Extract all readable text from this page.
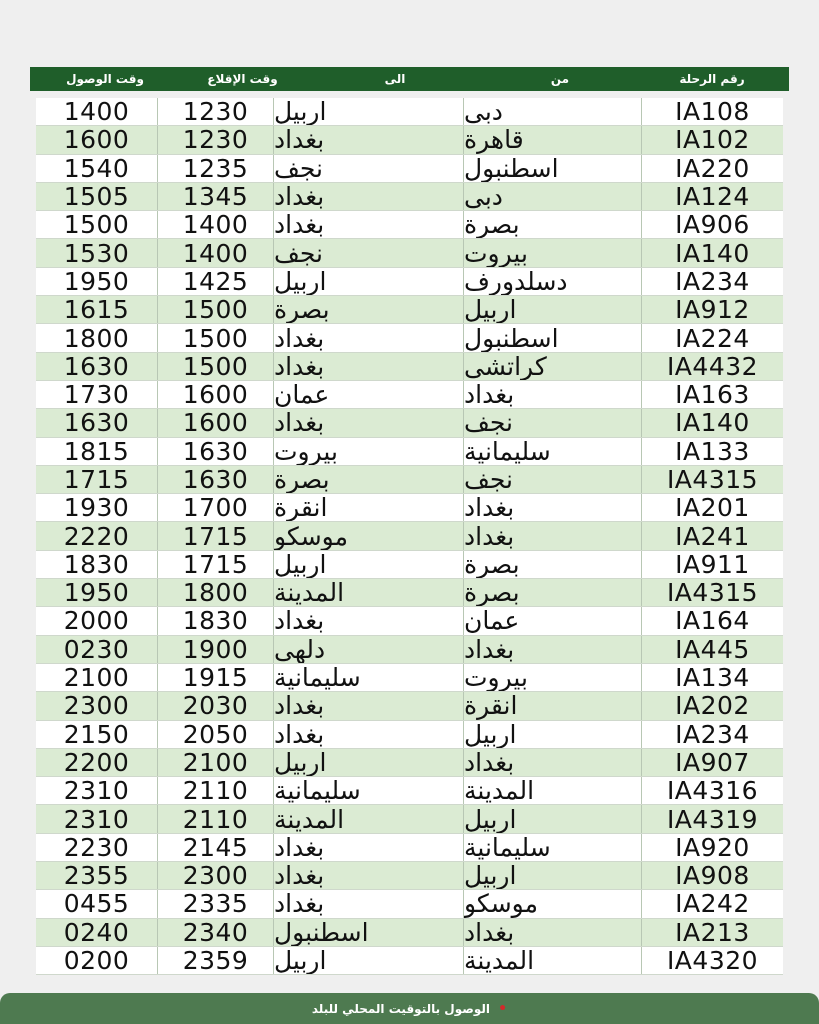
وقت الوصول	وقت الإقلاع	الى	من	رقم الرحلة
1400	1230	اربيل	دبى	IA108
1600	1230	بغداد	قاهرة	IA102
1540	1235	نجف	اسطنبول	IA220
1505	1345	بغداد	دبى	IA124
1500	1400	بغداد	بصرة	IA906
1530	1400	نجف	بيروت	IA140
1950	1425	اربيل	دسلدورف	IA234
1615	1500	بصرة	اربيل	IA912
1800	1500	بغداد	اسطنبول	IA224
1630	1500	بغداد	كراتشى	IA4432
1730	1600	عمان	بغداد	IA163
1630	1600	بغداد	نجف	IA140
1815	1630	بيروت	سليمانية	IA133
1715	1630	بصرة	نجف	IA4315
1930	1700	انقرة	بغداد	IA201
2220	1715	موسكو	بغداد	IA241
1830	1715	اربيل	بصرة	IA911
1950	1800	المدينة	بصرة	IA4315
2000	1830	بغداد	عمان	IA164
0230	1900	دلهى	بغداد	IA445
2100	1915	سليمانية	بيروت	IA134
2300	2030	بغداد	انقرة	IA202
2150	2050	بغداد	اربيل	IA234
2200	2100	اربيل	بغداد	IA907
2310	2110	سليمانية	المدينة	IA4316
2310	2110	المدينة	اربيل	IA4319
2230	2145	بغداد	سليمانية	IA920
2355	2300	بغداد	اربيل	IA908
0455	2335	بغداد	موسكو	IA242
0240	2340	اسطنبول	بغداد	IA213
0200	2359	اربيل	المدينة	IA4320
• الوصول بالتوقيت المحلي للبلد
